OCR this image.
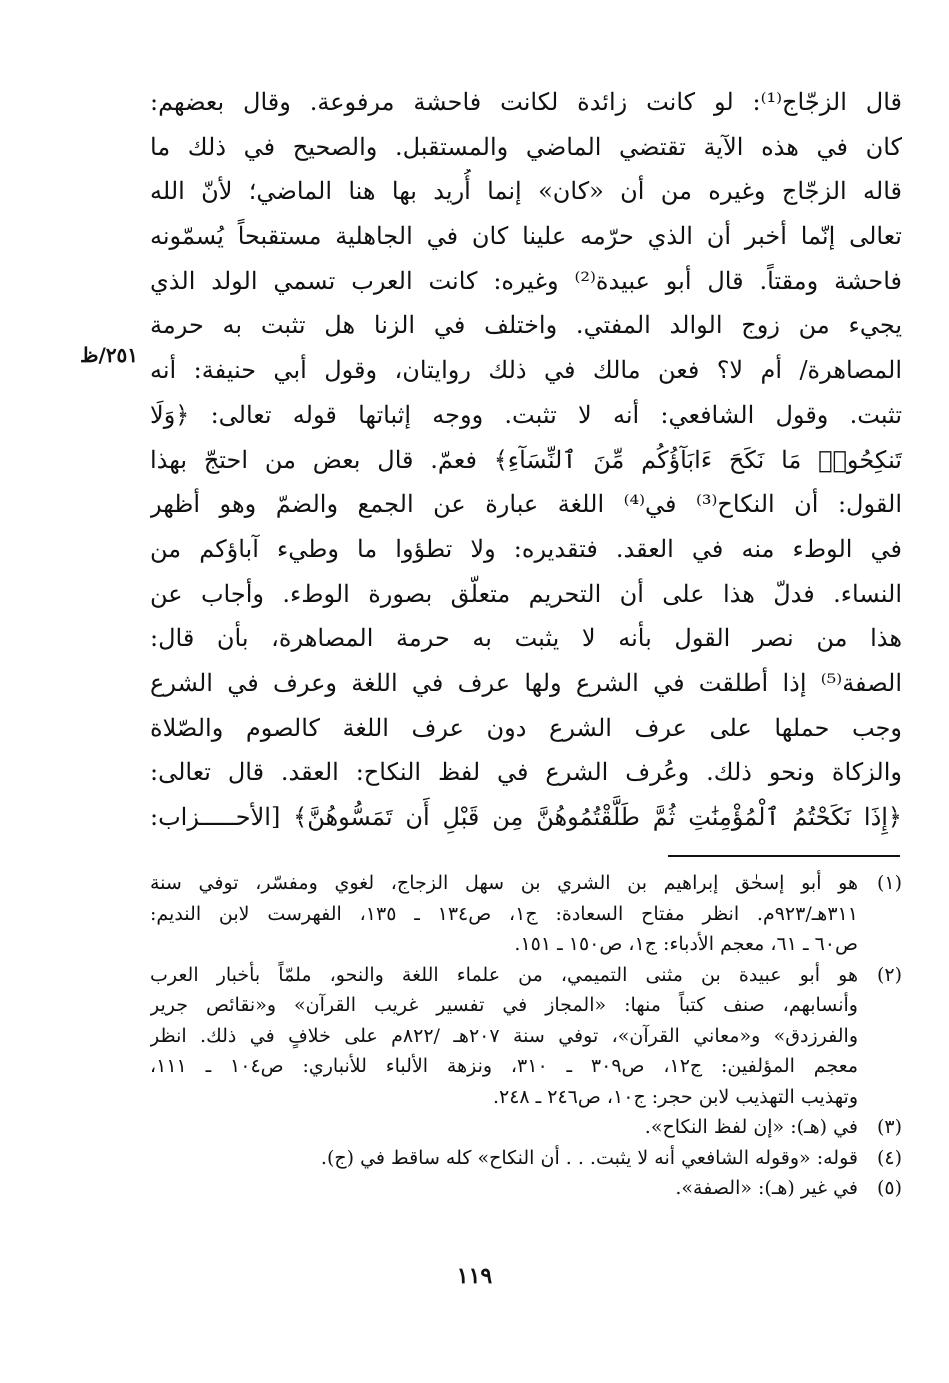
قال الزجّاج⁽¹⁾: لو كانت زائدة لكانت فاحشة مرفوعة. وقال بعضهم:
كان في هذه الآية تقتضي الماضي والمستقبل. والصحيح في ذلك ما
قاله الزجّاج وغيره من أن «كان» إنما أُريد بها هنا الماضي؛ لأنّ الله
تعالى إنّما أخبر أن الذي حرّمه علينا كان في الجاهلية مستقبحاً يُسمّونه
فاحشة ومقتاً. قال أبو عبيدة⁽²⁾ وغيره: كانت العرب تسمي الولد الذي
يجيء من زوج الوالد المفتي. واختلف في الزنا هل تثبت به حرمة
المصاهرة/ أم لا؟ فعن مالك في ذلك روايتان، وقول أبي حنيفة: أنه
تثبت. وقول الشافعي: أنه لا تثبت. ووجه إثباتها قوله تعالى: ﴿وَلَا
تَنكِحُوا۟ مَا نَكَحَ ءَابَآؤُكُم مِّنَ ٱلنِّسَآءِ﴾ فعمّ. قال بعض من احتجّ بهذا
القول: أن النكاح⁽³⁾ في⁽⁴⁾ اللغة عبارة عن الجمع والضمّ وهو أظهر
في الوطء منه في العقد. فتقديره: ولا تطؤوا ما وطيء آباؤكم من
النساء. فدلّ هذا على أن التحريم متعلّق بصورة الوطء. وأجاب عن
هذا من نصر القول بأنه لا يثبت به حرمة المصاهرة، بأن قال:
الصفة⁽⁵⁾ إذا أطلقت في الشرع ولها عرف في اللغة وعرف في الشرع
وجب حملها على عرف الشرع دون عرف اللغة كالصوم والصّلاة
والزكاة ونحو ذلك. وعُرف الشرع في لفظ النكاح: العقد. قال تعالى:
﴿إِذَا نَكَحْتُمُ ٱلْمُؤْمِنَٰتِ ثُمَّ طَلَّقْتُمُوهُنَّ مِن قَبْلِ أَن تَمَسُّوهُنَّ﴾ [الأحـــــزاب:
٢٥١/ظ
(١)
هو أبو إسحٰق إبراهيم بن الشري بن سهل الزجاج، لغوي ومفسّر، توفي سنة
٣١١هـ/٩٢٣م. انظر مفتاح السعادة: ج١، ص١٣٤ ـ ١٣٥، الفهرست لابن النديم:
ص٦٠ ـ ٦١، معجم الأدباء: ج١، ص١٥٠ ـ ١٥١.
(٢)
هو أبو عبيدة بن مثنى التميمي، من علماء اللغة والنحو، ملمّاً بأخبار العرب
وأنسابهم، صنف كتباً منها: «المجاز في تفسير غريب القرآن» و«نقائص جرير
والفرزدق» و«معاني القرآن»، توفي سنة ٢٠٧هـ /٨٢٢م على خلافٍ في ذلك. انظر
معجم المؤلفين: ج١٢، ص٣٠٩ ـ ٣١٠، ونزهة الألباء للأنباري: ص١٠٤ ـ ١١١،
وتهذيب التهذيب لابن حجر: ج١٠، ص٢٤٦ ـ ٢٤٨.
(٣)
في (هـ): «إن لفظ النكاح».
(٤)
قوله: «وقوله الشافعي أنه لا يثبت. . . أن النكاح» كله ساقط في (ج).
(٥)
في غير (هـ): «الصفة».
١١٩
